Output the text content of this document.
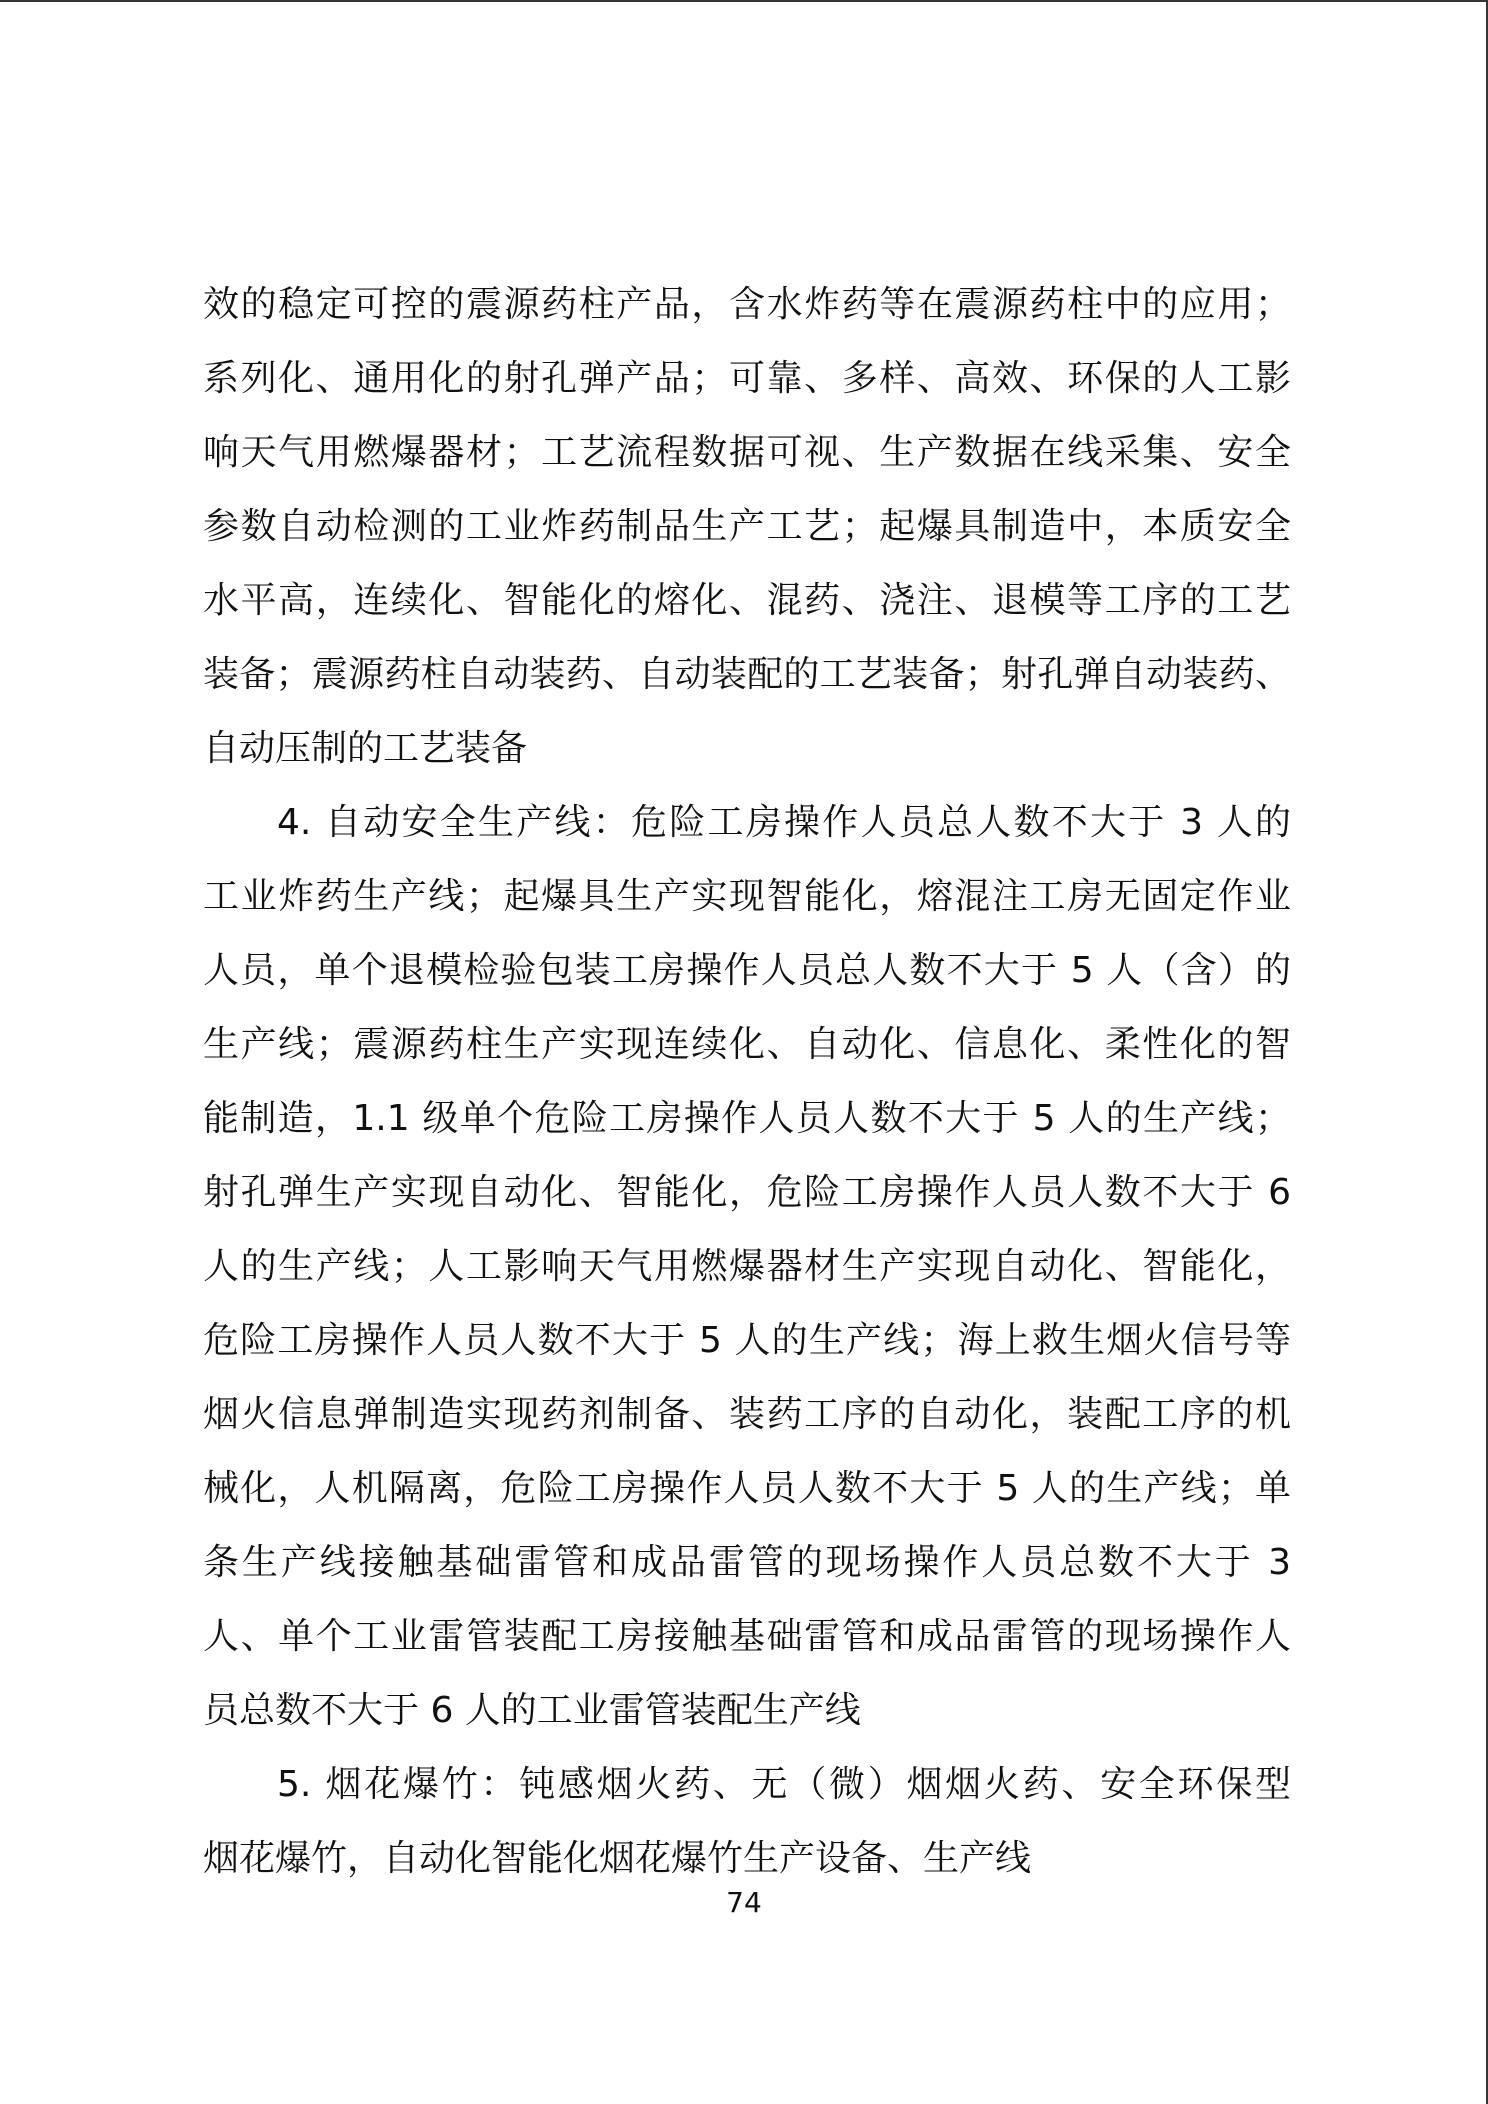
效的稳定可控的震源药柱产品，含水炸药等在震源药柱中的应用；
系列化、通用化的射孔弹产品；可靠、多样、高效、环保的人工影
响天气用燃爆器材；工艺流程数据可视、生产数据在线采集、安全
参数自动检测的工业炸药制品生产工艺；起爆具制造中，本质安全
水平高，连续化、智能化的熔化、混药、浇注、退模等工序的工艺
装备；震源药柱自动装药、自动装配的工艺装备；射孔弹自动装药、
自动压制的工艺装备
4. 自动安全生产线：危险工房操作人员总人数不大于 3 人的
工业炸药生产线；起爆具生产实现智能化，熔混注工房无固定作业
人员，单个退模检验包装工房操作人员总人数不大于 5 人（含）的
生产线；震源药柱生产实现连续化、自动化、信息化、柔性化的智
能制造，1.1 级单个危险工房操作人员人数不大于 5 人的生产线；
射孔弹生产实现自动化、智能化，危险工房操作人员人数不大于 6
人的生产线；人工影响天气用燃爆器材生产实现自动化、智能化，
危险工房操作人员人数不大于 5 人的生产线；海上救生烟火信号等
烟火信息弹制造实现药剂制备、装药工序的自动化，装配工序的机
械化，人机隔离，危险工房操作人员人数不大于 5 人的生产线；单
条生产线接触基础雷管和成品雷管的现场操作人员总数不大于 3
人、单个工业雷管装配工房接触基础雷管和成品雷管的现场操作人
员总数不大于 6 人的工业雷管装配生产线
5. 烟花爆竹：钝感烟火药、无（微）烟烟火药、安全环保型
烟花爆竹，自动化智能化烟花爆竹生产设备、生产线
74
